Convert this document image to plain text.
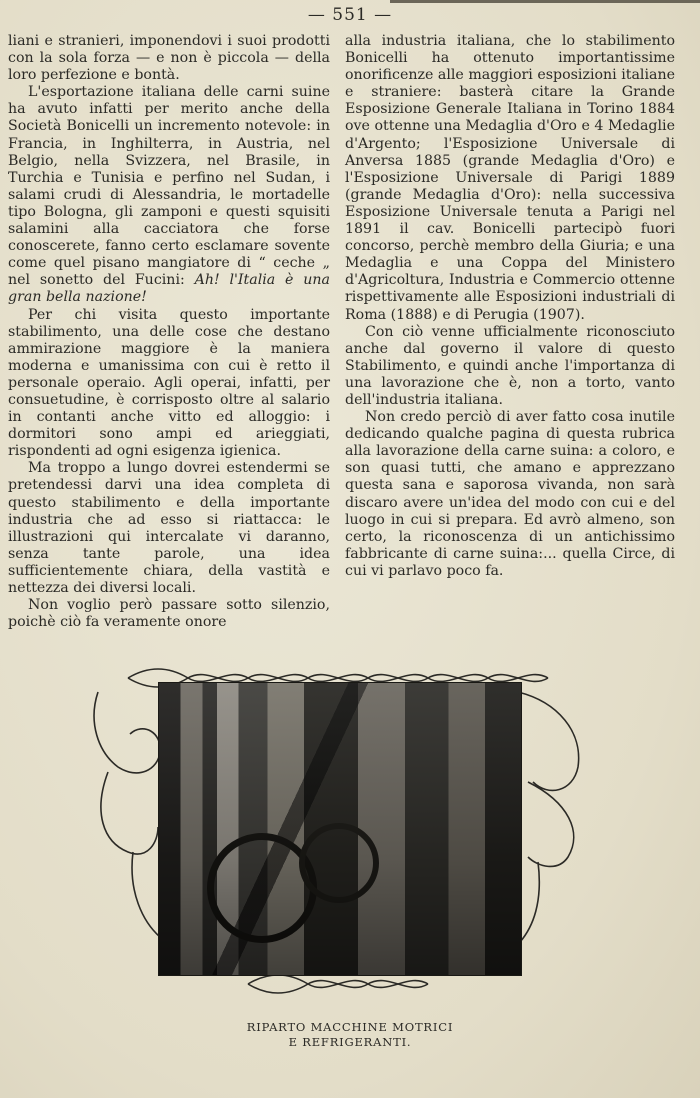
— 551 —

liani e stranieri, imponendovi i suoi prodotti con la sola forza — e non è piccola — della loro perfezione e bontà.

L'esportazione italiana delle carni suine ha avuto infatti per merito anche della Società Bonicelli un incremento notevole: in Francia, in Inghilterra, in Austria, nel Belgio, nella Svizzera, nel Brasile, in Turchia e Tunisia e perfino nel Sudan, i salami crudi di Alessandria, le mortadelle tipo Bologna, gli zamponi e questi squisiti salamini alla cacciatora che forse conoscerete, fanno certo esclamare sovente come quel pisano mangiatore di “ ceche „ nel sonetto del Fucini: Ah! l'Italia è una gran bella nazione!

Per chi visita questo importante stabilimento, una delle cose che destano ammirazione maggiore è la maniera moderna e umanissima con cui è retto il personale operaio. Agli operai, infatti, per consuetudine, è corrisposto oltre al salario in contanti anche vitto ed alloggio: i dormitori sono ampi ed arieggiati, rispondenti ad ogni esigenza igienica.

Ma troppo a lungo dovrei estendermi se pretendessi darvi una idea completa di questo stabilimento e della importante industria che ad esso si riattacca: le illustrazioni qui intercalate vi daranno, senza tante parole, una idea sufficientemente chiara, della vastità e nettezza dei diversi locali.

Non voglio però passare sotto silenzio, poichè ciò fa veramente onore

alla industria italiana, che lo stabilimento Bonicelli ha ottenuto importantissime onorificenze alle maggiori esposizioni italiane e straniere: basterà citare la Grande Esposizione Generale Italiana in Torino 1884 ove ottenne una Medaglia d'Oro e 4 Medaglie d'Argento; l'Esposizione Universale di Anversa 1885 (grande Medaglia d'Oro) e l'Esposizione Universale di Parigi 1889 (grande Medaglia d'Oro): nella successiva Esposizione Universale tenuta a Parigi nel 1891 il cav. Bonicelli partecipò fuori concorso, perchè membro della Giuria; e una Medaglia e una Coppa del Ministero d'Agricoltura, Industria e Commercio ottenne rispettivamente alle Esposizioni industriali di Roma (1888) e di Perugia (1907).

Con ciò venne ufficialmente riconosciuto anche dal governo il valore di questo Stabilimento, e quindi anche l'importanza di una lavorazione che è, non a torto, vanto dell'industria italiana.

Non credo perciò di aver fatto cosa inutile dedicando qualche pagina di questa rubrica alla lavorazione della carne suina: a coloro, e son quasi tutti, che amano e apprezzano questa sana e saporosa vivanda, non sarà discaro avere un'idea del modo con cui e del luogo in cui si prepara. Ed avrò almeno, son certo, la riconoscenza di un antichissimo fabbricante di carne suina:... quella Circe, di cui vi parlavo poco fa.

RIPARTO MACCHINE MOTRICI
E REFRIGERANTI.
